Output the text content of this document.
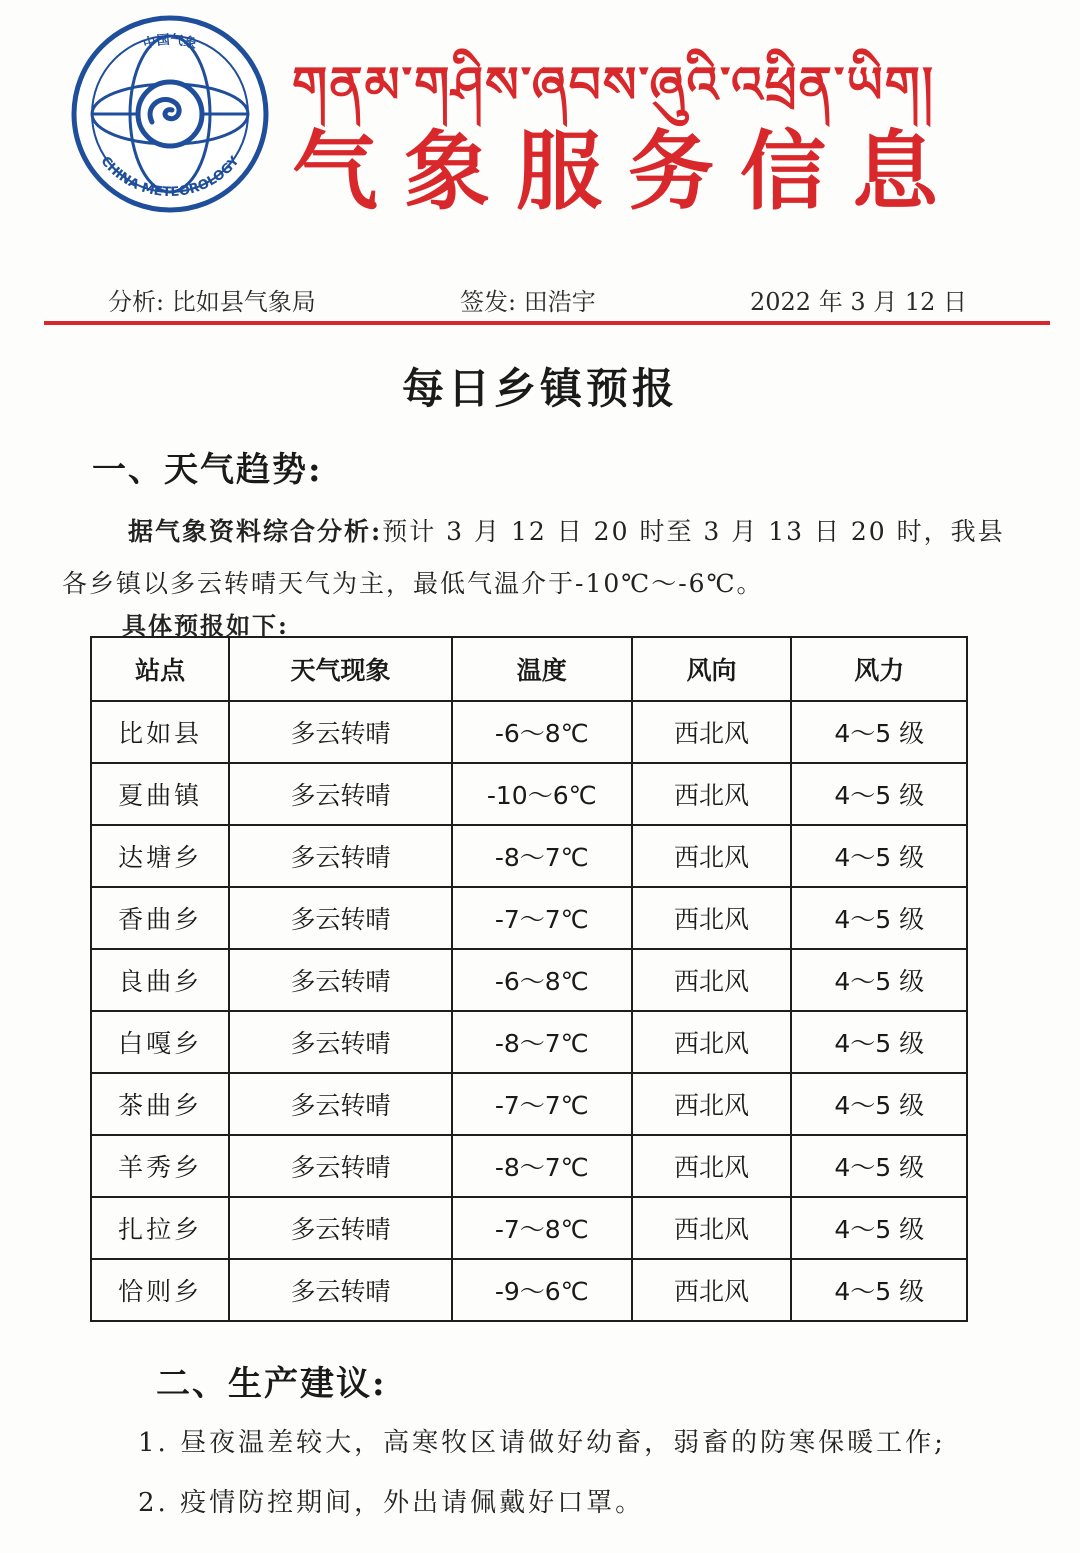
中国气象
CHINA METEOROLOGY
གནམ་གཤིས་ཞབས་ཞུའི་འཕྲིན་ཡིག།
气象服务信息
分析: 比如县气象局	签发: 田浩宇	2022 年 3 月 12 日
每日乡镇预报
一、天气趋势:
据气象资料综合分析:预计 3 月 12 日 20 时至 3 月 13 日 20 时，我县
各乡镇以多云转晴天气为主，最低气温介于-10℃～-6℃。
具体预报如下:
站点	天气现象	温度	风向	风力
比如县	多云转晴	-6～8℃	西北风	4～5 级
夏曲镇	多云转晴	-10～6℃	西北风	4～5 级
达塘乡	多云转晴	-8～7℃	西北风	4～5 级
香曲乡	多云转晴	-7～7℃	西北风	4～5 级
良曲乡	多云转晴	-6～8℃	西北风	4～5 级
白嘎乡	多云转晴	-8～7℃	西北风	4～5 级
茶曲乡	多云转晴	-7～7℃	西北风	4～5 级
羊秀乡	多云转晴	-8～7℃	西北风	4～5 级
扎拉乡	多云转晴	-7～8℃	西北风	4～5 级
恰则乡	多云转晴	-9～6℃	西北风	4～5 级
二、生产建议:
1. 昼夜温差较大，高寒牧区请做好幼畜，弱畜的防寒保暖工作;
2. 疫情防控期间，外出请佩戴好口罩。
